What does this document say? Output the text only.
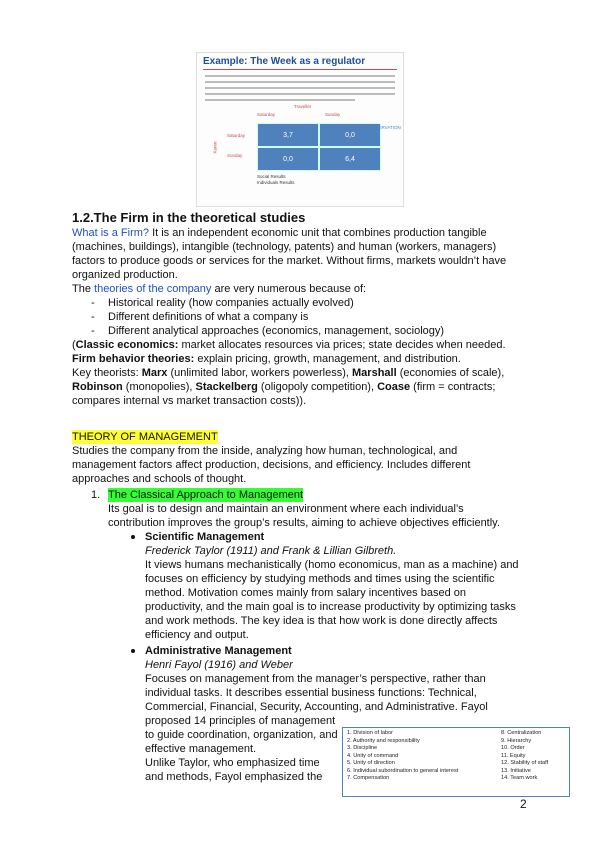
Example: The Week as a regulator
Traveller
Saturday	Sunday
Karen
Saturday
Sunday
3,7	0,0
0,0	6,4
OBSERVATION
Social Results
Individuals Results
1.2.The Firm in the theoretical studies
What is a Firm? It is an independent economic unit that combines production tangible
(machines, buildings), intangible (technology, patents) and human (workers, managers)
factors to produce goods or services for the market. Without firms, markets wouldn’t have
organized production.
The theories of the company are very numerous because of:
- Historical reality (how companies actually evolved)
- Different definitions of what a company is
- Different analytical approaches (economics, management, sociology)
(Classic economics: market allocates resources via prices; state decides when needed.
Firm behavior theories: explain pricing, growth, management, and distribution.
Key theorists: Marx (unlimited labor, workers powerless), Marshall (economies of scale),
Robinson (monopolies), Stackelberg (oligopoly competition), Coase (firm = contracts;
compares internal vs market transaction costs)).
THEORY OF MANAGEMENT
Studies the company from the inside, analyzing how human, technological, and
management factors affect production, decisions, and efficiency. Includes different
approaches and schools of thought.
1. The Classical Approach to Management
Its goal is to design and maintain an environment where each individual’s
contribution improves the group’s results, aiming to achieve objectives efficiently.
Scientific Management
Frederick Taylor (1911) and Frank & Lillian Gilbreth.
It views humans mechanistically (homo economicus, man as a machine) and
focuses on efficiency by studying methods and times using the scientific
method. Motivation comes mainly from salary incentives based on
productivity, and the main goal is to increase productivity by optimizing tasks
and work methods. The key idea is that how work is done directly affects
efficiency and output.
Administrative Management
Henri Fayol (1916) and Weber
Focuses on management from the manager’s perspective, rather than
individual tasks. It describes essential business functions: Technical,
Commercial, Financial, Security, Accounting, and Administrative. Fayol
proposed 14 principles of management
to guide coordination, organization, and
effective management.
Unlike Taylor, who emphasized time
and methods, Fayol emphasized the
1. Division of labor
2. Authority and responsibility
3. Discipline
4. Unity of command
5. Unity of direction
6. Individual subordination to general interest
7. Compensation
8. Centralization
9. Hierarchy
10. Order
11. Equity
12. Stability of staff
13. Initiative
14. Team work
2
